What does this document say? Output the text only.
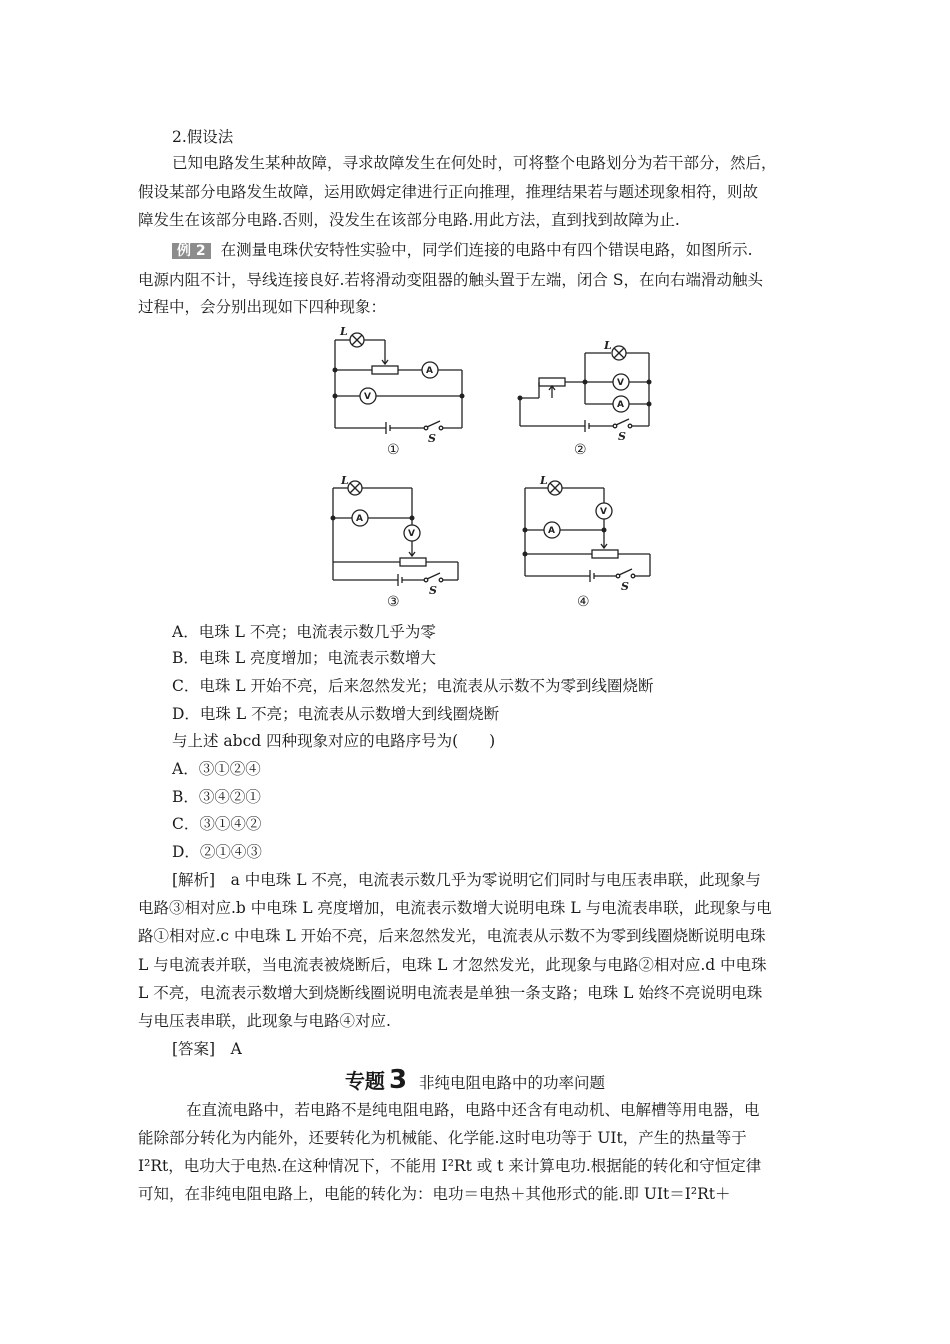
2.假设法
已知电路发生某种故障，寻求故障发生在何处时，可将整个电路划分为若干部分，然后，
假设某部分电路发生故障，运用欧姆定律进行正向推理，推理结果若与题述现象相符，则故
障发生在该部分电路.否则，没发生在该部分电路.用此方法，直到找到故障为止.
例 2 在测量电珠伏安特性实验中，同学们连接的电路中有四个错误电路，如图所示.
电源内阻不计，导线连接良好.若将滑动变阻器的触头置于左端，闭合 S，在向右端滑动触头
过程中，会分别出现如下四种现象：
L
A
V
S
①
L
V
A
S
②
L
A
V
S
③
L
V
A
S
④
A．电珠 L 不亮；电流表示数几乎为零
B．电珠 L 亮度增加；电流表示数增大
C．电珠 L 开始不亮，后来忽然发光；电流表从示数不为零到线圈烧断
D．电珠 L 不亮；电流表从示数增大到线圈烧断
与上述 abcd 四种现象对应的电路序号为(　　)
A．③①②④
B．③④②①
C．③①④②
D．②①④③
[解析]　a 中电珠 L 不亮，电流表示数几乎为零说明它们同时与电压表串联，此现象与
电路③相对应.b 中电珠 L 亮度增加，电流表示数增大说明电珠 L 与电流表串联，此现象与电
路①相对应.c 中电珠 L 开始不亮，后来忽然发光，电流表从示数不为零到线圈烧断说明电珠
L 与电流表并联，当电流表被烧断后，电珠 L 才忽然发光，此现象与电路②相对应.d 中电珠
L 不亮，电流表示数增大到烧断线圈说明电流表是单独一条支路；电珠 L 始终不亮说明电珠
与电压表串联，此现象与电路④对应.
[答案]　A
专题 3 非纯电阻电路中的功率问题
在直流电路中，若电路不是纯电阻电路，电路中还含有电动机、电解槽等用电器，电
能除部分转化为内能外，还要转化为机械能、化学能.这时电功等于 UIt，产生的热量等于
I²Rt，电功大于电热.在这种情况下，不能用 I²Rt 或 t 来计算电功.根据能的转化和守恒定律
可知，在非纯电阻电路上，电能的转化为：电功＝电热＋其他形式的能.即 UIt＝I²Rt＋
